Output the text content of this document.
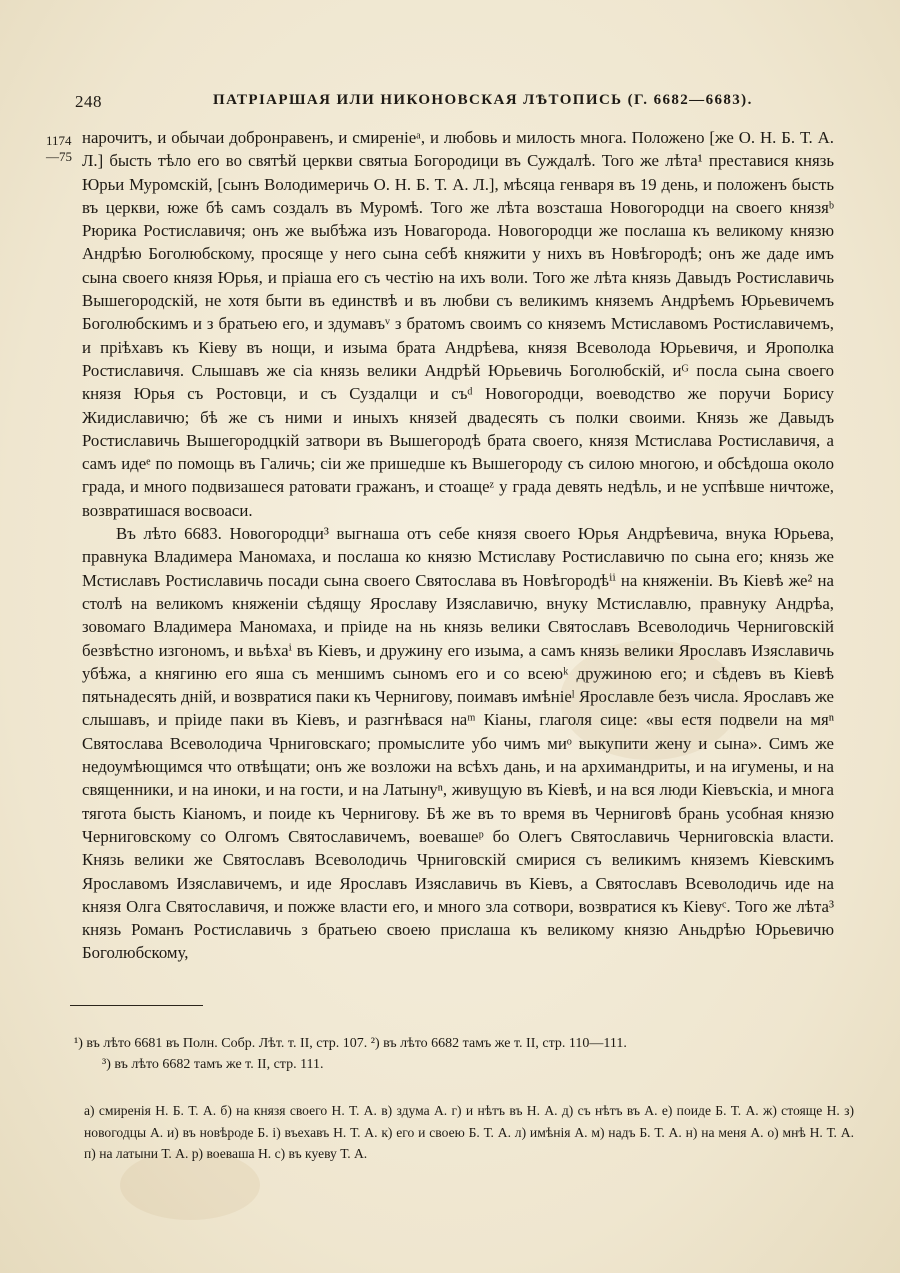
248	ПАТРІАРШАЯ ИЛИ НИКОНОВСКАЯ ЛѢТОПИСЬ (Г. 6682—6683).
1174
—75

нарочитъ, и обычаи добронравенъ, и смиреніеᵃ, и любовь и милость многа. Положено [же О. Н. Б. Т. А. Л.] бысть тѣло его во святѣй церкви святыа Богородици въ Суждалѣ. Того же лѣта¹ преставися князь Юрьи Муромскій, [сынъ Володимеричь О. Н. Б. Т. А. Л.], мѣсяца генваря въ 19 день, и положенъ бысть въ церкви, юже бѣ самъ создалъ въ Муромѣ. Того же лѣта возсташа Новогородци на своего князяᵇ Рюрика Ростиславичя; онъ же выбѣжа изъ Новагорода. Новогородци же послаша къ великому князю Андрѣю Боголюбскому, просяще у него сына себѣ княжити у нихъ въ Новѣгородѣ; онъ же даде имъ сына своего князя Юрья, и пріаша его съ честію на ихъ воли. Того же лѣта князь Давыдъ Ростиславичь Вышегородскій, не хотя быти въ единствѣ и въ любви съ великимъ княземъ Андрѣемъ Юрьевичемъ Боголюбскимъ и з братьею его, и здумавъᵛ з братомъ своимъ со княземъ Мстиславомъ Ростиславичемъ, и пріѣхавъ къ Кіеву въ нощи, и изыма брата Андрѣева, князя Всеволода Юрьевичя, и Ярополка Ростиславичя. Слышавъ же сіа князь велики Андрѣй Юрьевичь Боголюбскій, иᴳ посла сына своего князя Юрья съ Ростовци, и съ Суздалци и съᵈ Новогородци, воеводство же поручи Борису Жидиславичю; бѣ же съ ними и иныхъ князей двадесять съ полки своими. Князь же Давыдъ Ростиславичь Вышегородцкій затвори въ Вышегородѣ брата своего, князя Мстислава Ростиславичя, а самъ идеᵉ по помощь въ Галичь; сіи же пришедше къ Вышегороду съ силою многою, и обсѣдоша около града, и много подвизашеся ратовати гражанъ, и стоащеᶻ у града девять недѣль, и не успѣвше ничтоже, возвратишася восвоаси.

Въ лѣто 6683. Новогородци³ выгнаша отъ себе князя своего Юрья Андрѣевича, внука Юрьева, правнука Владимера Маномаха, и послаша ко князю Мстиславу Ростиславичю по сына его; князь же Мстиславъ Ростиславичь посади сына своего Святослава въ Новѣгородѣⁱⁱ на княженіи. Въ Кіевѣ же² на столѣ на великомъ княженіи сѣдящу Ярославу Изяславичю, внуку Мстиславлю, правнуку Андрѣа, зовомаго Владимера Маномаха, и пріиде на нь князь велики Святославъ Всеволодичь Черниговскій безвѣстно изгономъ, и вьѣхаⁱ въ Кіевъ, и дружину его изыма, а самъ князь велики Ярославъ Изяславичь убѣжа, а княгиню его яша съ меншимъ сыномъ его и со всеюᵏ дружиною его; и сѣдевъ въ Кіевѣ пятьнадесять дній, и возвратися паки къ Чернигову, поимавъ имѣніеˡ Ярославле безъ числа. Ярославъ же слышавъ, и пріиде паки въ Кіевъ, и разгнѣвася наᵐ Кіаны, глаголя сице: «вы естя подвели на мяⁿ Святослава Всеволодича Чрниговскаго; промыслите убо чимъ миᵒ выкупити жену и сына». Симъ же недоумѣющимся что отвѣщати; онъ же возложи на всѣхъ дань, и на архимандриты, и на игумены, и на священники, и на иноки, и на гости, и на Латынуⁿ, живущую въ Кіевѣ, и на вся люди Кіевъскіа, и многа тягота бысть Кіаномъ, и поиде къ Чернигову. Бѣ же въ то время въ Черниговѣ брань усобная князю Черниговскому со Олгомъ Святославичемъ, воевашеᵖ бо Олегъ Святославичь Черниговскіа власти. Князь велики же Святославъ Всеволодичь Чрниговскій смирися съ великимъ княземъ Кіевскимъ Ярославомъ Изяславичемъ, и иде Ярославъ Изяславичь въ Кіевъ, а Святославъ Всеволодичь иде на князя Олга Святославичя, и пожже власти его, и много зла сотвори, возвратися къ Кіевуᶜ. Того же лѣта³ князь Романъ Ростиславичь з братьею своею прислаша къ великому князю Аньдрѣю Юрьевичю Боголюбскому,

¹) въ лѣто 6681 въ Полн. Собр. Лѣт. т. II, стр. 107. ²) въ лѣто 6682 тамъ же т. II, стр. 110—111.
³) въ лѣто 6682 тамъ же т. II, стр. 111.
а) смиренія Н. Б. Т. А. б) на князя своего Н. Т. А. в) здума А. г) и нѣтъ въ Н. А. д) съ нѣтъ въ А. е) поиде Б. Т. А. ж) стояще Н. з) новогодцы А. и) въ новѣроде Б. і) въехавъ Н. Т. А. к) его и своею Б. Т. А. л) имѣнія А. м) надъ Б. Т. А. н) на меня А. о) мнѣ Н. Т. А. п) на латыни Т. А. р) воеваша Н. с) въ куеву Т. А.
